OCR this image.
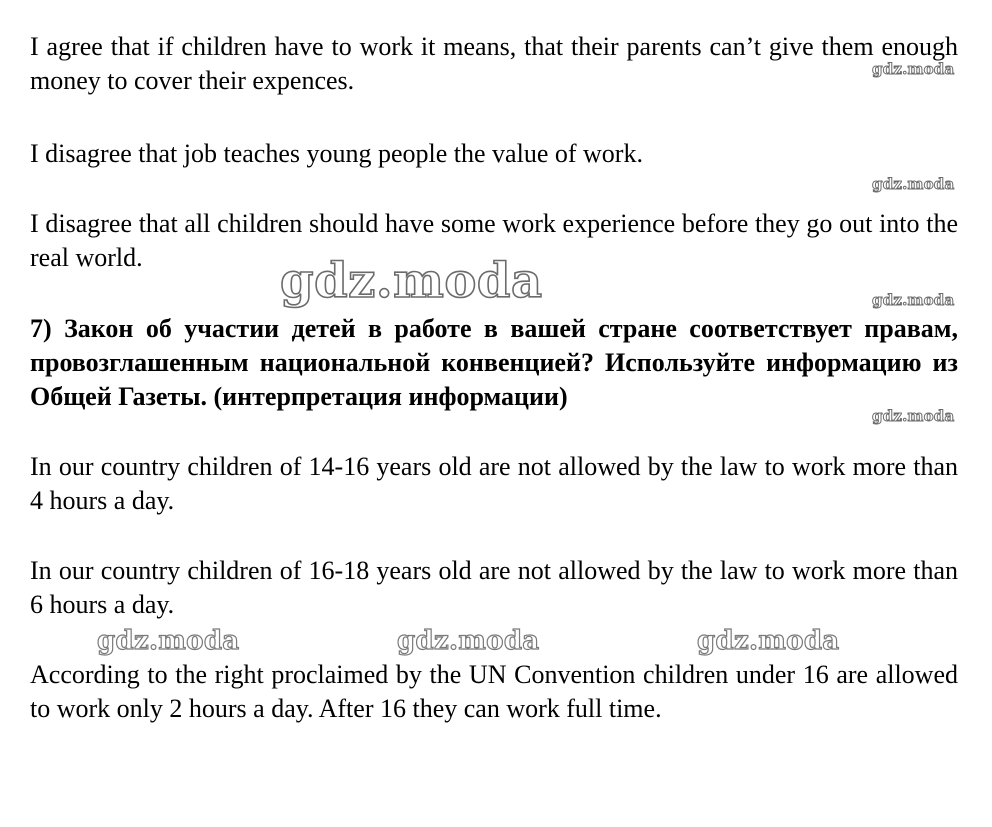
I agree that if children have to work it means, that their parents can’t give them enough money to cover their expences.

I disagree that job teaches young people the value of work.

I disagree that all children should have some work experience before they go out into the real world.

7) Закон об участии детей в работе в вашей стране соответствует правам, провозглашенным национальной конвенцией? Используйте информацию из Общей Газеты. (интерпретация информации)

In our country children of 14-16 years old are not allowed by the law to work more than 4 hours a day.

In our country children of 16-18 years old are not allowed by the law to work more than 6 hours a day.

According to the right proclaimed by the UN Convention children under 16 are allowed to work only 2 hours a day. After 16 they can work full time.

gdz.moda
gdz.moda
gdz.moda
gdz.moda
gdz.moda
gdz.moda	gdz.moda	gdz.moda
